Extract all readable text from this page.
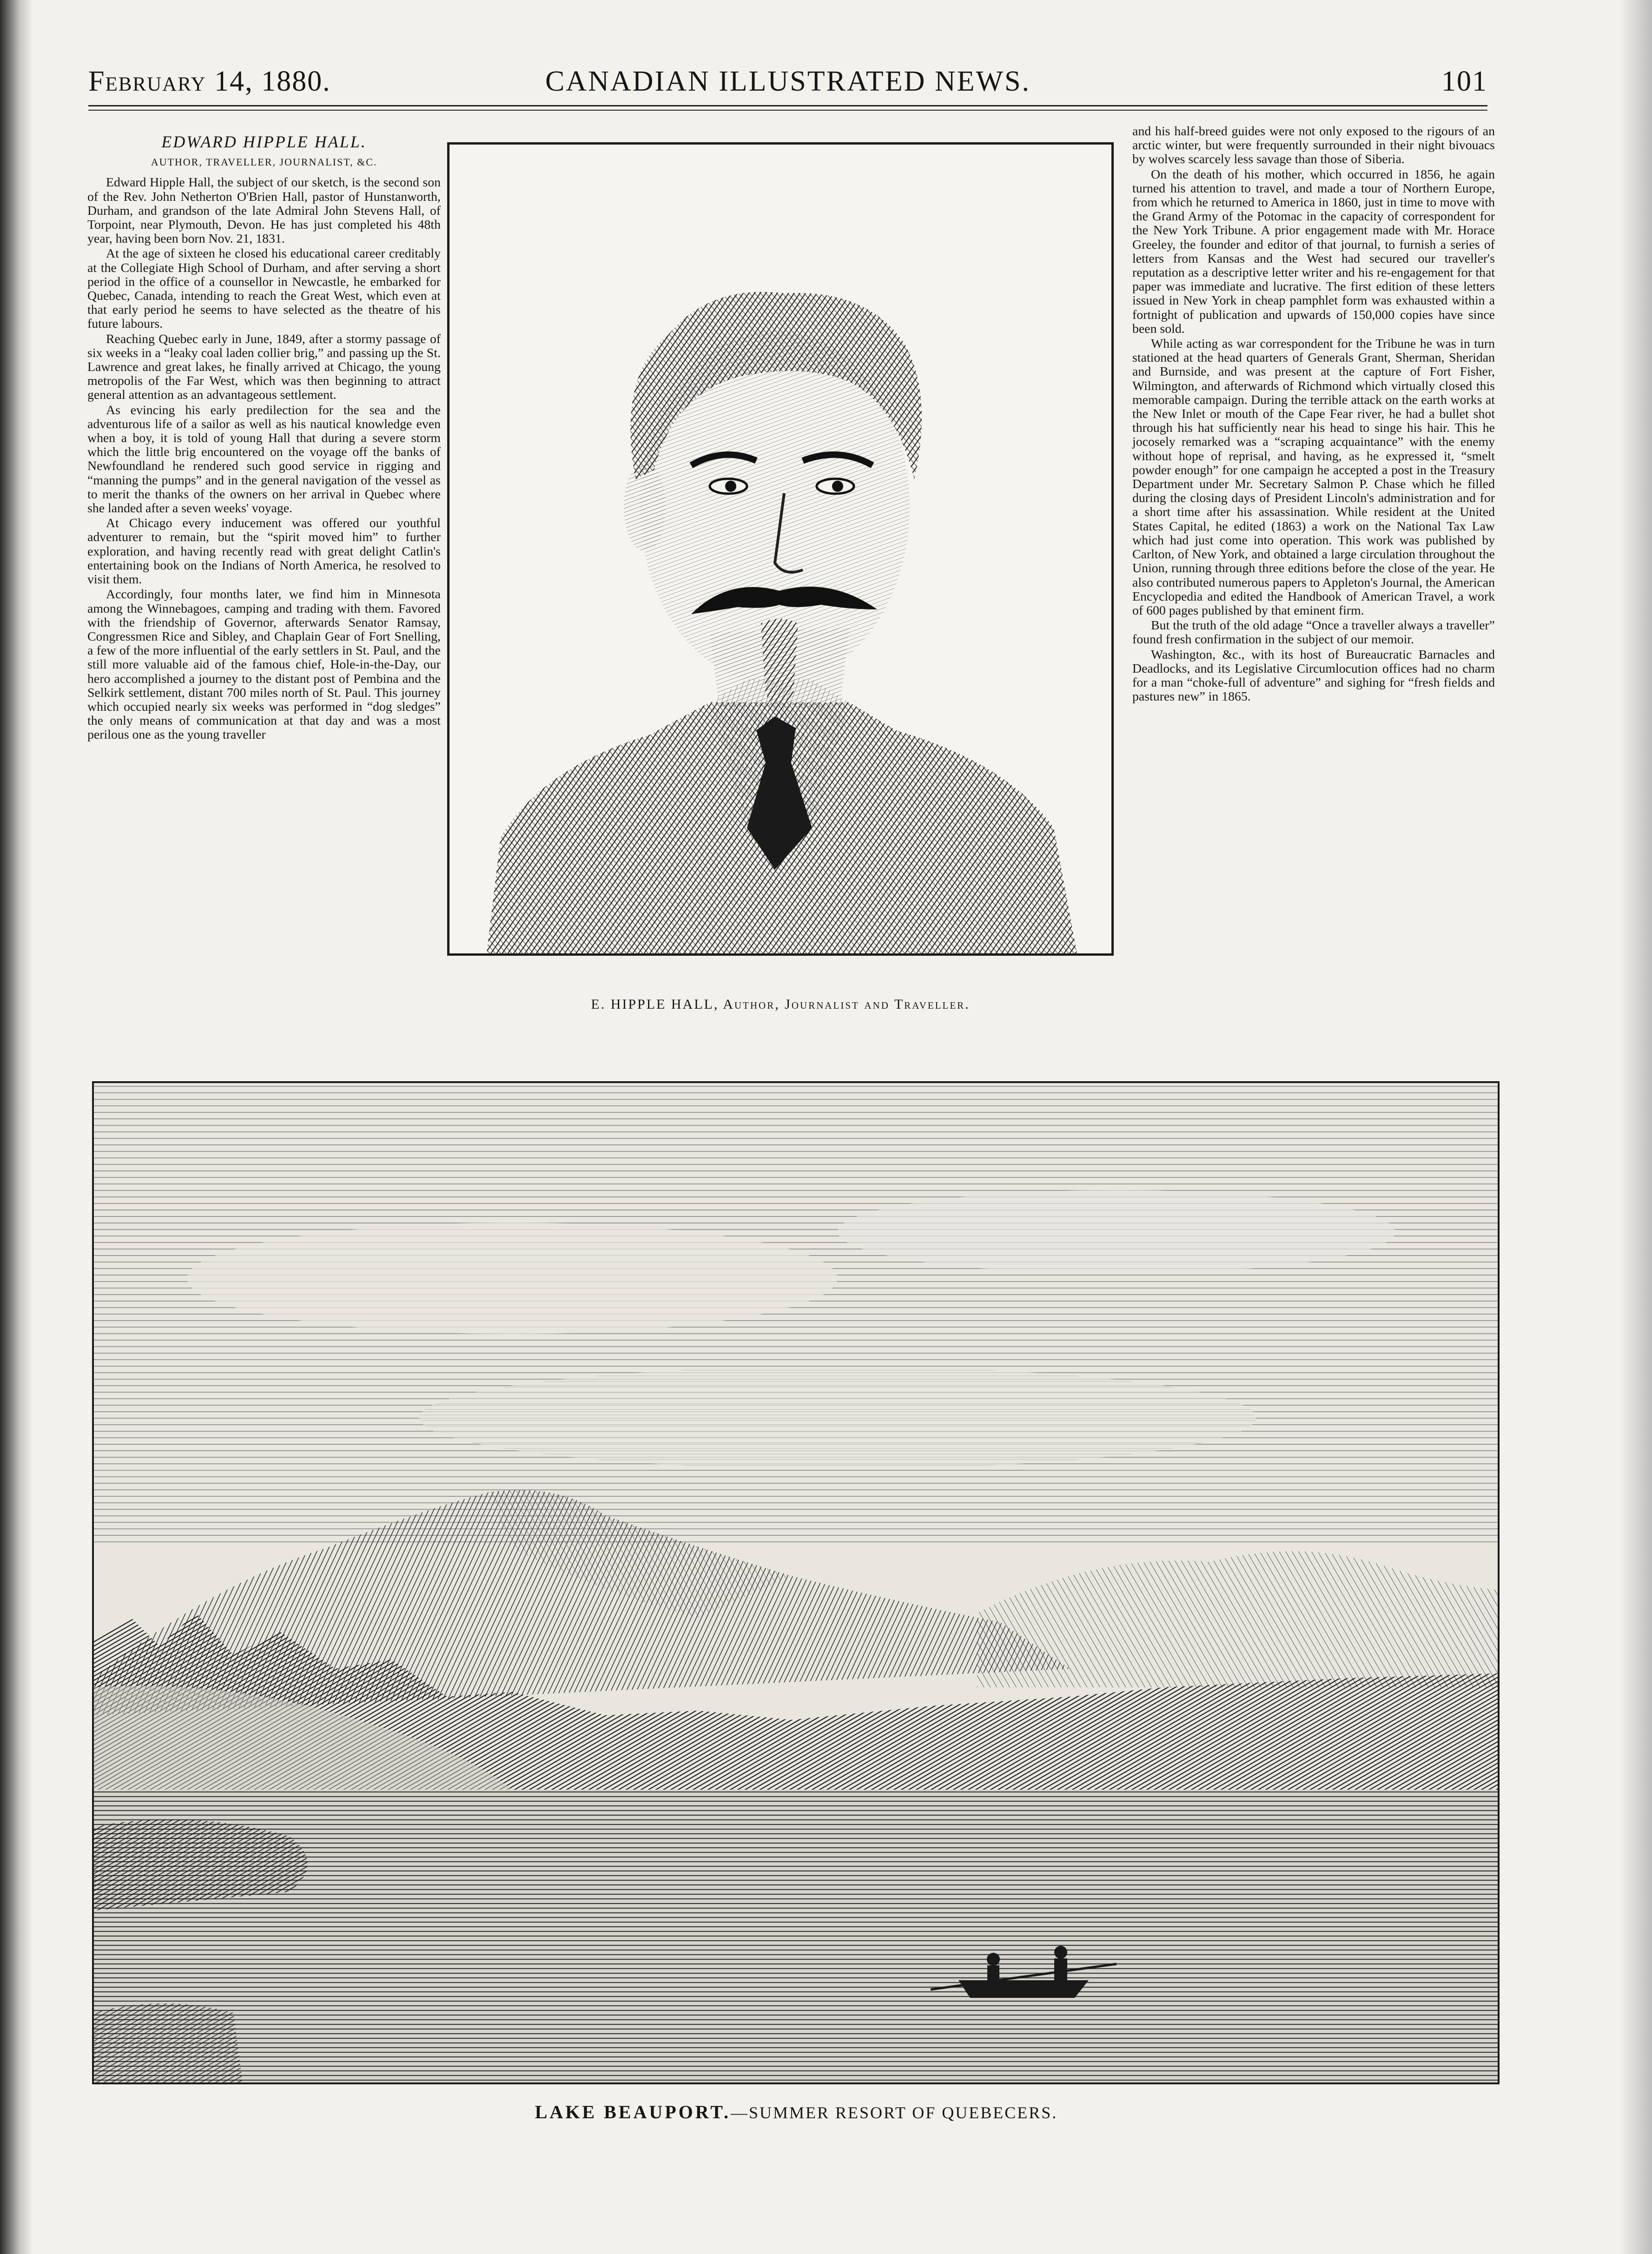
February 14, 1880.	CANADIAN ILLUSTRATED NEWS.	101
EDWARD HIPPLE HALL.
AUTHOR, TRAVELLER, JOURNALIST, &C.

Edward Hipple Hall, the subject of our sketch, is the second son of the Rev. John Netherton O'Brien Hall, pastor of Hunstanworth, Durham, and grandson of the late Admiral John Stevens Hall, of Torpoint, near Plymouth, Devon. He has just completed his 48th year, having been born Nov. 21, 1831.

At the age of sixteen he closed his educational career creditably at the Collegiate High School of Durham, and after serving a short period in the office of a counsellor in Newcastle, he embarked for Quebec, Canada, intending to reach the Great West, which even at that early period he seems to have selected as the theatre of his future labours.

Reaching Quebec early in June, 1849, after a stormy passage of six weeks in a “leaky coal laden collier brig,” and passing up the St. Lawrence and great lakes, he finally arrived at Chicago, the young metropolis of the Far West, which was then beginning to attract general attention as an advantageous settlement.

As evincing his early predilection for the sea and the adventurous life of a sailor as well as his nautical knowledge even when a boy, it is told of young Hall that during a severe storm which the little brig encountered on the voyage off the banks of Newfoundland he rendered such good service in rigging and “manning the pumps” and in the general navigation of the vessel as to merit the thanks of the owners on her arrival in Quebec where she landed after a seven weeks' voyage.

At Chicago every inducement was offered our youthful adventurer to remain, but the “spirit moved him” to further exploration, and having recently read with great delight Catlin's entertaining book on the Indians of North America, he resolved to visit them.

Accordingly, four months later, we find him in Minnesota among the Winnebagoes, camping and trading with them. Favored with the friendship of Governor, afterwards Senator Ramsay, Congressmen Rice and Sibley, and Chaplain Gear of Fort Snelling, a few of the more influential of the early settlers in St. Paul, and the still more valuable aid of the famous chief, Hole-in-the-Day, our hero accomplished a journey to the distant post of Pembina and the Selkirk settlement, distant 700 miles north of St. Paul. This journey which occupied nearly six weeks was performed in “dog sledges” the only means of communication at that day and was a most perilous one as the young traveller

E. HIPPLE HALL, Author, Journalist and Traveller.

and his half-breed guides were not only exposed to the rigours of an arctic winter, but were frequently surrounded in their night bivouacs by wolves scarcely less savage than those of Siberia.

On the death of his mother, which occurred in 1856, he again turned his attention to travel, and made a tour of Northern Europe, from which he returned to America in 1860, just in time to move with the Grand Army of the Potomac in the capacity of correspondent for the New York Tribune. A prior engagement made with Mr. Horace Greeley, the founder and editor of that journal, to furnish a series of letters from Kansas and the West had secured our traveller's reputation as a descriptive letter writer and his re-engagement for that paper was immediate and lucrative. The first edition of these letters issued in New York in cheap pamphlet form was exhausted within a fortnight of publication and upwards of 150,000 copies have since been sold.

While acting as war correspondent for the Tribune he was in turn stationed at the head quarters of Generals Grant, Sherman, Sheridan and Burnside, and was present at the capture of Fort Fisher, Wilmington, and afterwards of Richmond which virtually closed this memorable campaign. During the terrible attack on the earth works at the New Inlet or mouth of the Cape Fear river, he had a bullet shot through his hat sufficiently near his head to singe his hair. This he jocosely remarked was a “scraping acquaintance” with the enemy without hope of reprisal, and having, as he expressed it, “smelt powder enough” for one campaign he accepted a post in the Treasury Department under Mr. Secretary Salmon P. Chase which he filled during the closing days of President Lincoln's administration and for a short time after his assassination. While resident at the United States Capital, he edited (1863) a work on the National Tax Law which had just come into operation. This work was published by Carlton, of New York, and obtained a large circulation throughout the Union, running through three editions before the close of the year. He also contributed numerous papers to Appleton's Journal, the American Encyclopedia and edited the Handbook of American Travel, a work of 600 pages published by that eminent firm.

But the truth of the old adage “Once a traveller always a traveller” found fresh confirmation in the subject of our memoir.

Washington, &c., with its host of Bureaucratic Barnacles and Deadlocks, and its Legislative Circumlocution offices had no charm for a man “choke-full of adventure” and sighing for “fresh fields and pastures new” in 1865.

LAKE BEAUPORT.—SUMMER RESORT OF QUEBECERS.
